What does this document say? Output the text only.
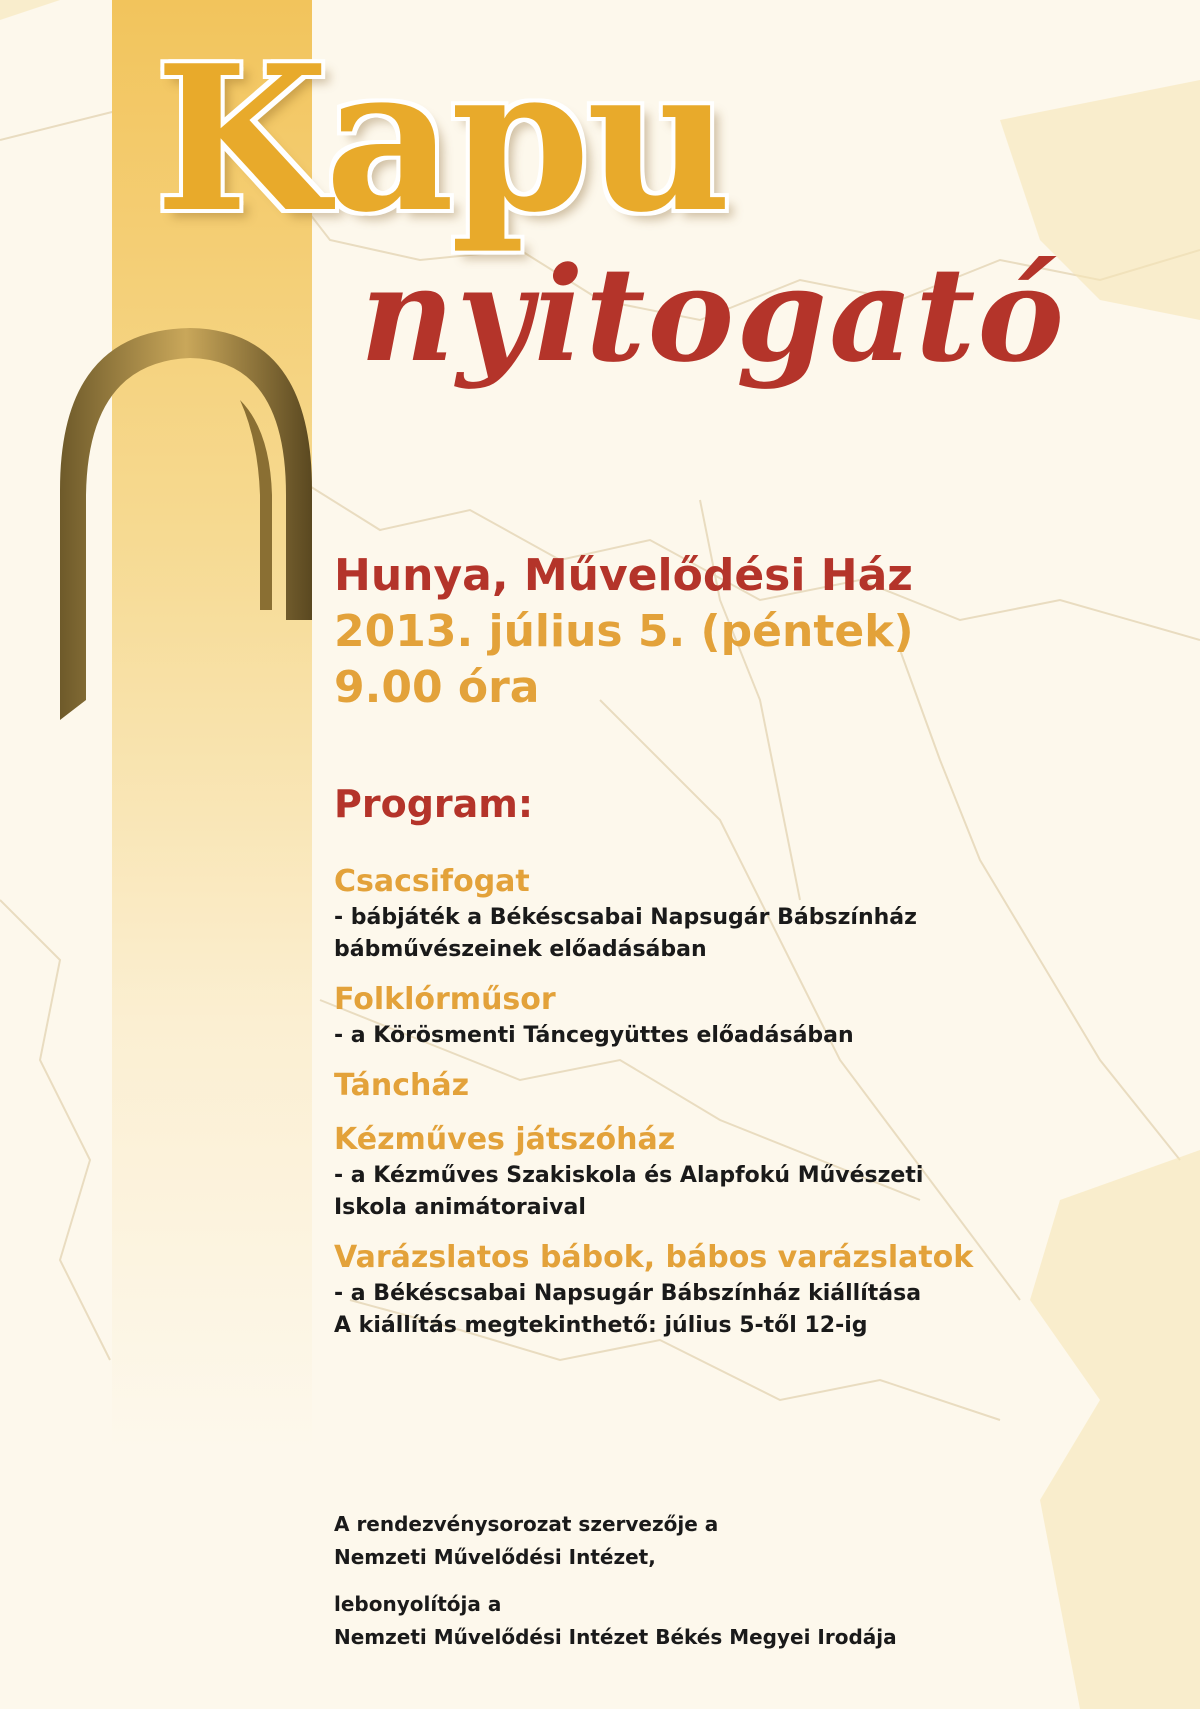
Kapu
nyitogató

Hunya, Művelődési Ház

2013. július 5. (péntek)

9.00 óra

Program:
Csacsifogat
- bábjáték a Békéscsabai Napsugár Bábszínház
bábművészeinek előadásában
Folklórműsor
- a Körösmenti Táncegyüttes előadásában
Táncház
Kézműves játszóház
- a Kézműves Szakiskola és Alapfokú Művészeti
Iskola animátoraival
Varázslatos bábok, bábos varázslatok
- a Békéscsabai Napsugár Bábszínház kiállítása
A kiállítás megtekinthető: július 5-től 12-ig
A rendezvénysorozat szervezője a
Nemzeti Művelődési Intézet,
lebonyolítója a
Nemzeti Művelődési Intézet Békés Megyei Irodája
